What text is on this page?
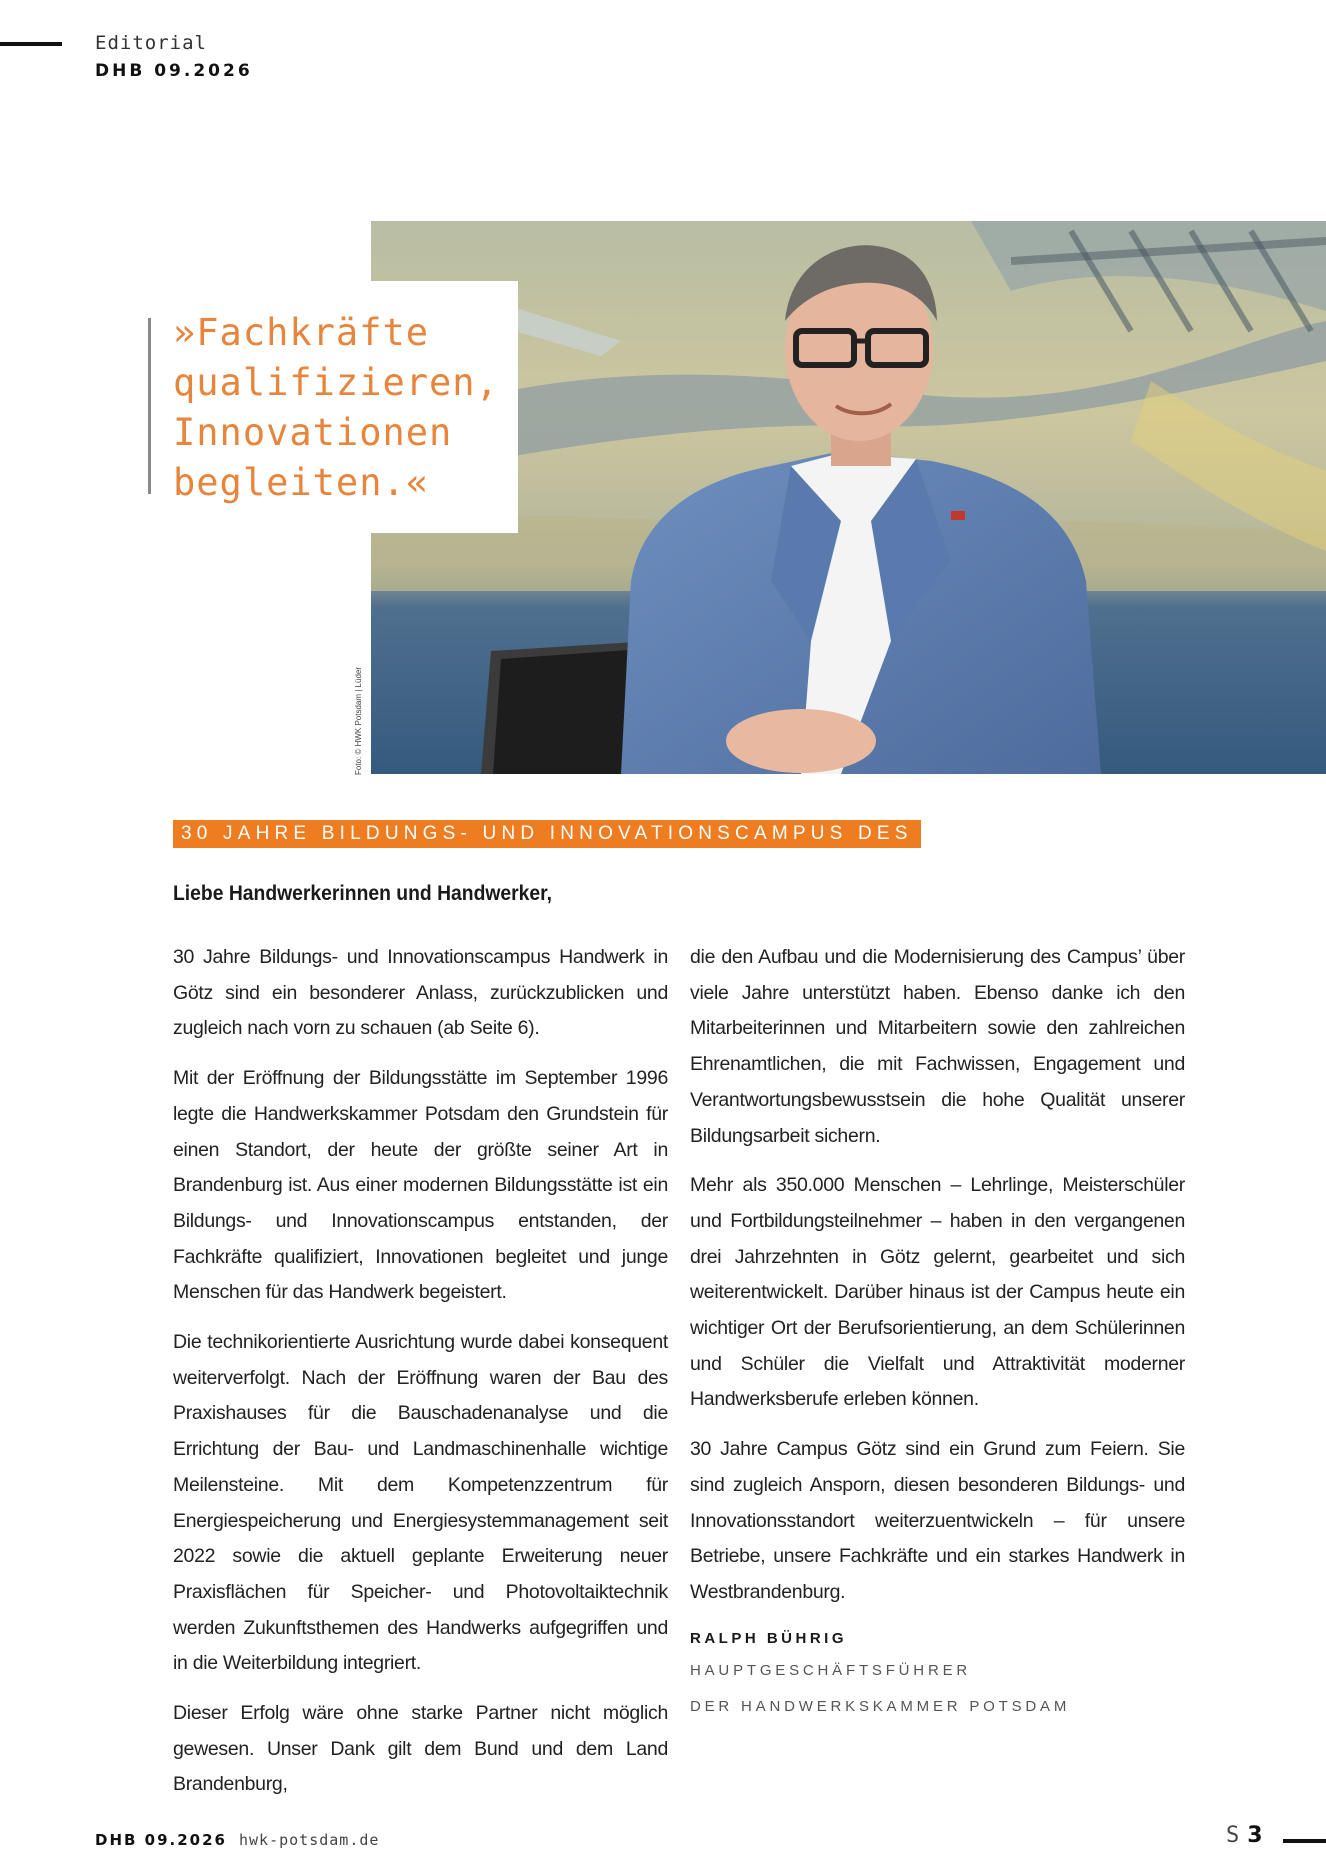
Editorial
DHB 09.2026
Foto: © HWK Potsdam | Lüder
»Fachkräfte
qualifizieren,
Innovationen
begleiten.«
30 JAHRE BILDUNGS- UND INNOVATIONSCAMPUS DES HANDWERKS
Liebe Handwerkerinnen und Handwerker,

30 Jahre Bildungs- und Innovationscampus Handwerk in Götz sind ein besonderer Anlass, zurückzublicken und zugleich nach vorn zu schauen (ab Seite 6).

Mit der Eröffnung der Bildungsstätte im September 1996 legte die Handwerkskammer Potsdam den Grundstein für einen Standort, der heute der größte seiner Art in Brandenburg ist. Aus einer modernen Bildungsstätte ist ein Bildungs- und Innovationscampus entstanden, der Fachkräfte qualifiziert, Innovationen begleitet und junge Menschen für das Handwerk begeistert.

Die technikorientierte Ausrichtung wurde dabei konsequent weiterverfolgt. Nach der Eröffnung waren der Bau des Praxishauses für die Bauschadenanalyse und die Errichtung der Bau- und Landmaschinenhalle wichtige Meilensteine. Mit dem Kompetenzzentrum für Energiespeicherung und Energiesystemmanagement seit 2022 sowie die aktuell geplante Erweiterung neuer Praxisflächen für Speicher- und Photovoltaiktechnik werden Zukunftsthemen des Handwerks aufgegriffen und in die Weiterbildung integriert.

Dieser Erfolg wäre ohne starke Partner nicht möglich gewesen. Unser Dank gilt dem Bund und dem Land Brandenburg,

die den Aufbau und die Modernisierung des Campus’ über viele Jahre unterstützt haben. Ebenso danke ich den Mitarbeiterinnen und Mitarbeitern sowie den zahlreichen Ehrenamtlichen, die mit Fachwissen, Engagement und Verantwortungsbewusstsein die hohe Qualität unserer Bildungsarbeit sichern.

Mehr als 350.000 Menschen – Lehrlinge, Meisterschüler und Fortbildungsteilnehmer – haben in den vergangenen drei Jahrzehnten in Götz gelernt, gearbeitet und sich weiterentwickelt. Darüber hinaus ist der Campus heute ein wichtiger Ort der Berufsorientierung, an dem Schülerinnen und Schüler die Vielfalt und Attraktivität moderner Handwerksberufe erleben können.

30 Jahre Campus Götz sind ein Grund zum Feiern. Sie sind zugleich Ansporn, diesen besonderen Bildungs- und Innovationsstandort weiterzuentwickeln – für unsere Betriebe, unsere Fachkräfte und ein starkes Handwerk in Westbrandenburg.

RALPH BÜHRIG
HAUPTGESCHÄFTSFÜHRER
DER HANDWERKSKAMMER POTSDAM
DHB 09.2026 hwk-potsdam.de	S 3
